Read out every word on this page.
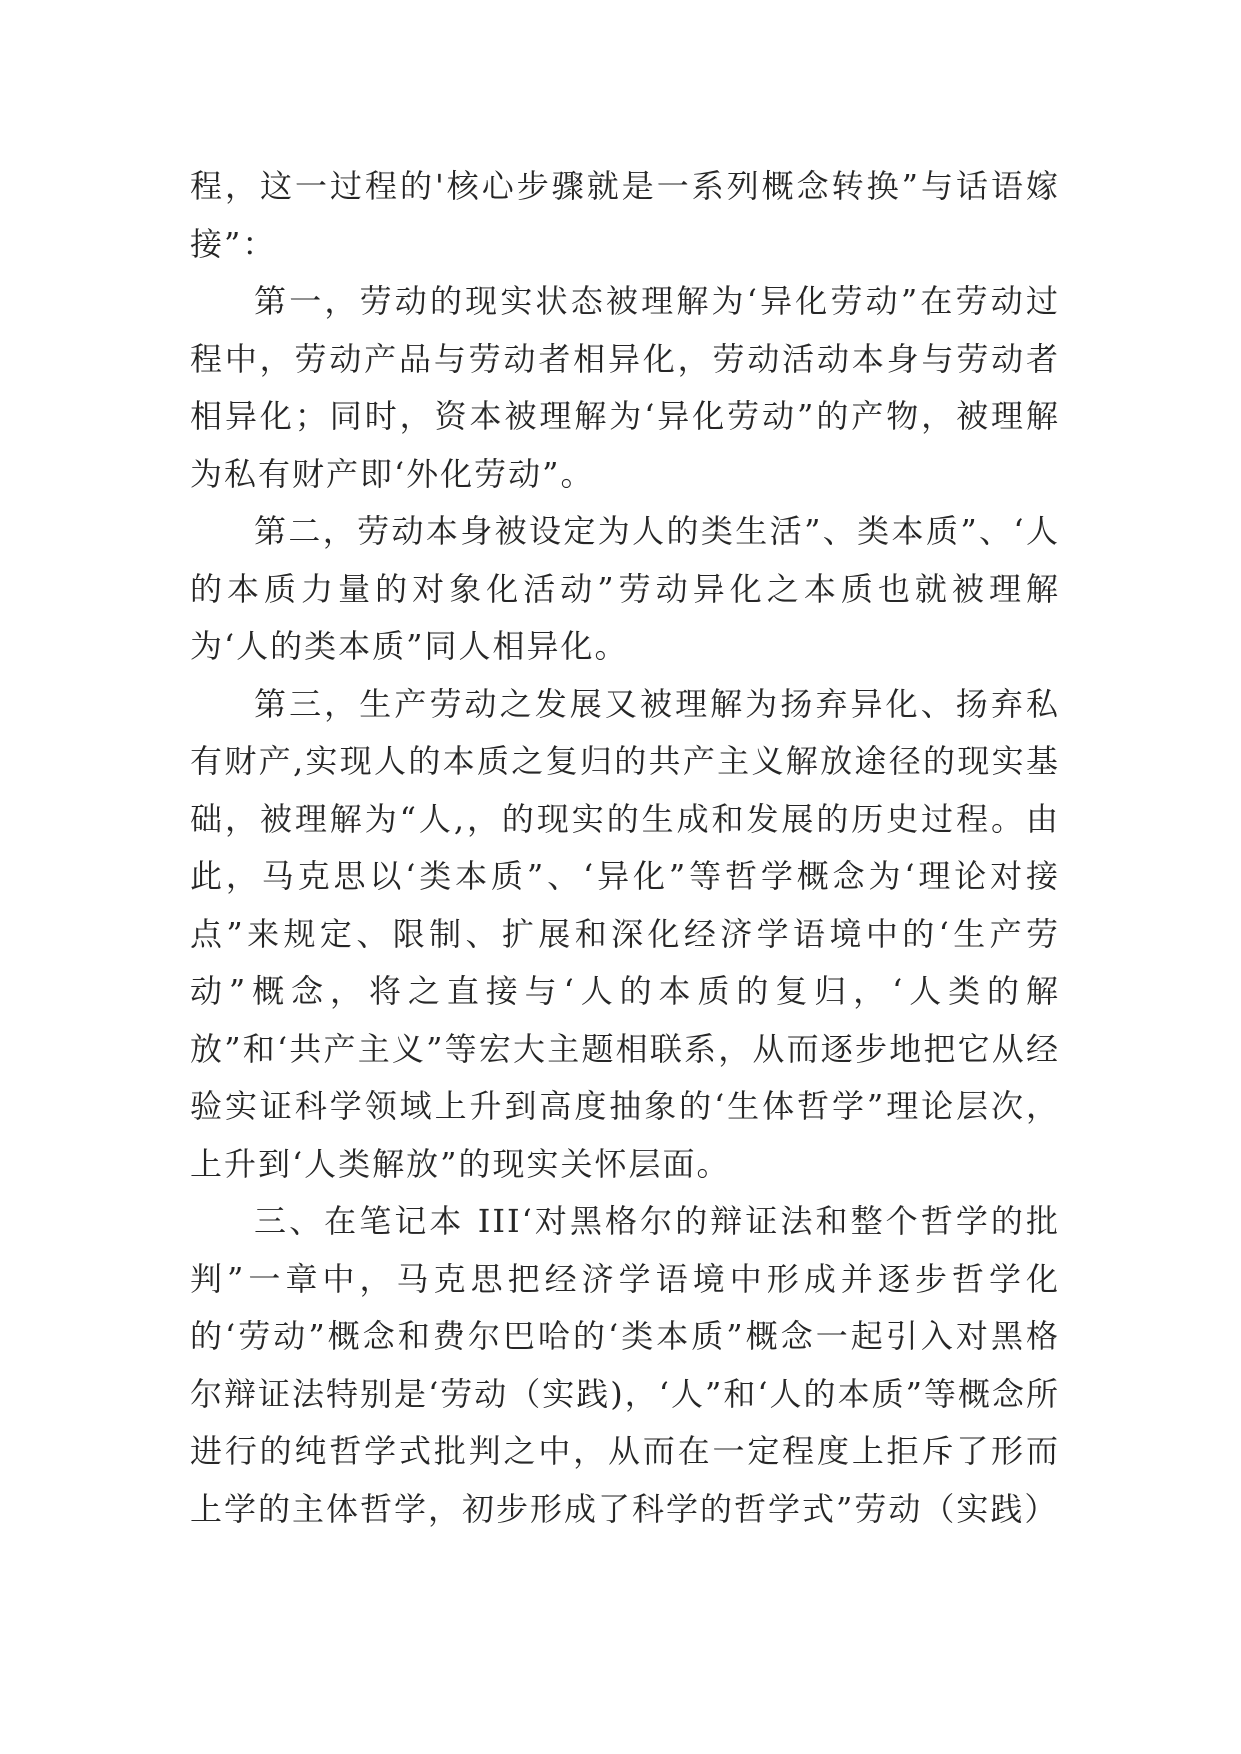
程，这一过程的'核心步骤就是一系列概念转换”与话语嫁接”：

第一，劳动的现实状态被理解为‘异化劳动”在劳动过程中，劳动产品与劳动者相异化，劳动活动本身与劳动者相异化；同时，资本被理解为‘异化劳动”的产物，被理解为私有财产即‘外化劳动”。

第二，劳动本身被设定为人的类生活”、类本质”、‘人的本质力量的对象化活动”劳动异化之本质也就被理解为‘人的类本质”同人相异化。

第三，生产劳动之发展又被理解为扬弃异化、扬弃私有财产,实现人的本质之复归的共产主义解放途径的现实基础，被理解为“人,，的现实的生成和发展的历史过程。由此，马克思以‘类本质”、‘异化”等哲学概念为‘理论对接点”来规定、限制、扩展和深化经济学语境中的‘生产劳动”概念，将之直接与‘人的本质的复归，‘人类的解放”和‘共产主义”等宏大主题相联系，从而逐步地把它从经验实证科学领域上升到高度抽象的‘生体哲学”理论层次，上升到‘人类解放”的现实关怀层面。

三、在笔记本 III‘对黑格尔的辩证法和整个哲学的批判”一章中，马克思把经济学语境中形成并逐步哲学化的‘劳动”概念和费尔巴哈的‘类本质”概念一起引入对黑格尔辩证法特别是‘劳动（实践)，‘人”和‘人的本质”等概念所进行的纯哲学式批判之中，从而在一定程度上拒斥了形而上学的主体哲学，初步形成了科学的哲学式”劳动（实践）
